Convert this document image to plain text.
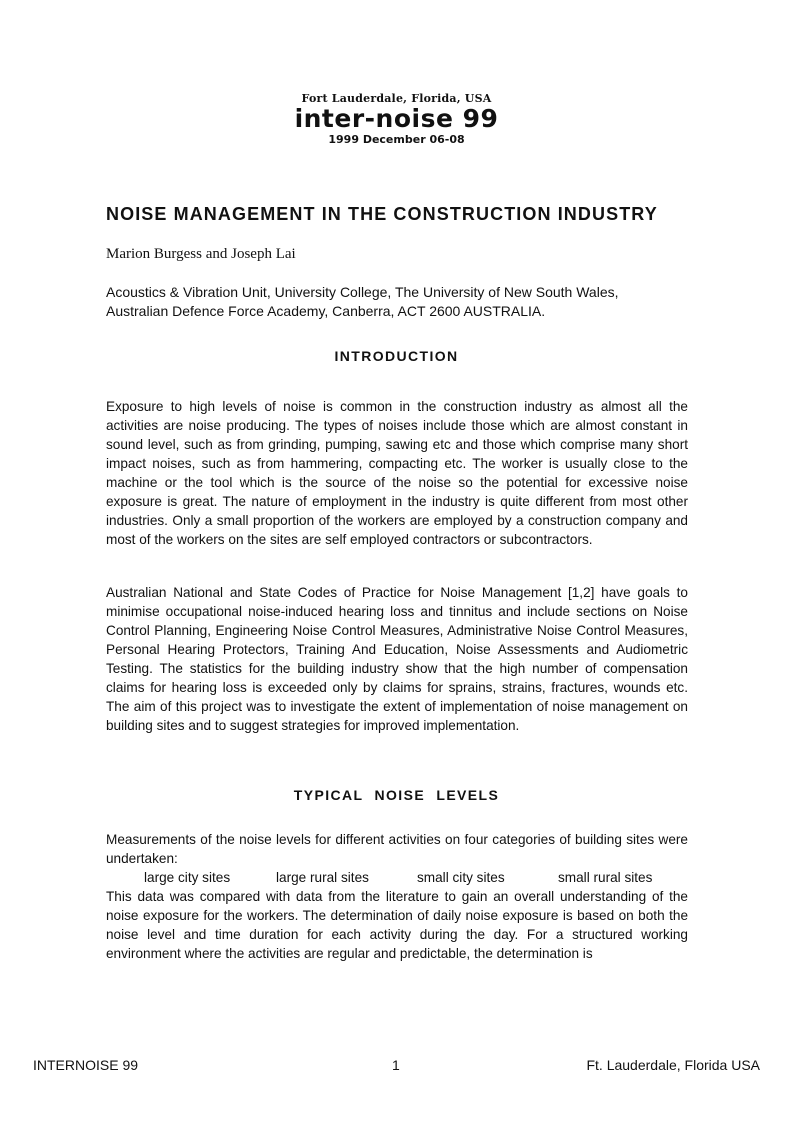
Fort Lauderdale, Florida, USA
inter-noise 99
1999 December 06-08
NOISE MANAGEMENT IN THE CONSTRUCTION INDUSTRY
Marion Burgess and Joseph Lai
Acoustics & Vibration Unit, University College, The University of New South Wales,
Australian Defence Force Academy, Canberra, ACT 2600 AUSTRALIA.
INTRODUCTION
Exposure to high levels of noise is common in the construction industry as almost all the activities are noise producing. The types of noises include those which are almost constant in sound level, such as from grinding, pumping, sawing etc and those which comprise many short impact noises, such as from hammering, compacting etc. The worker is usually close to the machine or the tool which is the source of the noise so the potential for excessive noise exposure is great. The nature of employment in the industry is quite different from most other industries. Only a small proportion of the workers are employed by a construction company and most of the workers on the sites are self employed contractors or subcontractors.
Australian National and State Codes of Practice for Noise Management [1,2] have goals to minimise occupational noise-induced hearing loss and tinnitus and include sections on Noise Control Planning, Engineering Noise Control Measures, Administrative Noise Control Measures, Personal Hearing Protectors, Training And Education, Noise Assessments and Audiometric Testing. The statistics for the building industry show that the high number of compensation claims for hearing loss is exceeded only by claims for sprains, strains, fractures, wounds etc. The aim of this project was to investigate the extent of implementation of noise management on building sites and to suggest strategies for improved implementation.
TYPICAL NOISE LEVELS
Measurements of the noise levels for different activities on four categories of building sites were undertaken:
large city sites	large rural sites	small city sites	small rural sites
This data was compared with data from the literature to gain an overall understanding of the noise exposure for the workers. The determination of daily noise exposure is based on both the noise level and time duration for each activity during the day. For a structured working environment where the activities are regular and predictable, the determination is
INTERNOISE 99	1	Ft. Lauderdale, Florida USA
